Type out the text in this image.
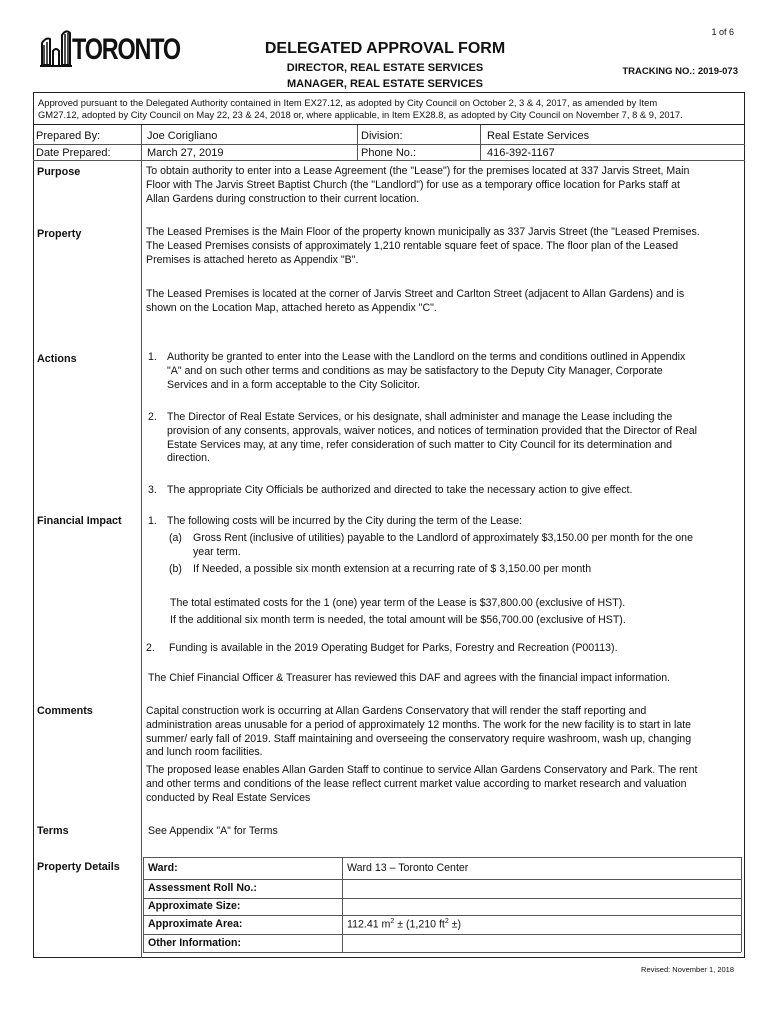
1 of 6
TORONTO	DELEGATED APPROVAL FORM
DIRECTOR, REAL ESTATE SERVICES
MANAGER, REAL ESTATE SERVICES
TRACKING NO.: 2019-073
Approved pursuant to the Delegated Authority contained in Item EX27.12, as adopted by City Council on October 2, 3 & 4, 2017, as amended by Item
GM27.12, adopted by City Council on May 22, 23 & 24, 2018 or, where applicable, in Item EX28.8, as adopted by City Council on November 7, 8 & 9, 2017.
Prepared By:	Joe Corigliano	Division:	Real Estate Services
Date Prepared:	March 27, 2019	Phone No.:	416-392-1167
Purpose	To obtain authority to enter into a Lease Agreement (the "Lease") for the premises located at 337 Jarvis Street, Main
Floor with The Jarvis Street Baptist Church (the "Landlord") for use as a temporary office location for Parks staff at
Allan Gardens during construction to their current location.
Property	The Leased Premises is the Main Floor of the property known municipally as 337 Jarvis Street (the "Leased Premises.
The Leased Premises consists of approximately 1,210 rentable square feet of space. The floor plan of the Leased
Premises is attached hereto as Appendix "B".
The Leased Premises is located at the corner of Jarvis Street and Carlton Street (adjacent to Allan Gardens) and is
shown on the Location Map, attached hereto as Appendix "C".
Actions	1. Authority be granted to enter into the Lease with the Landlord on the terms and conditions outlined in Appendix
"A" and on such other terms and conditions as may be satisfactory to the Deputy City Manager, Corporate
Services and in a form acceptable to the City Solicitor.
2. The Director of Real Estate Services, or his designate, shall administer and manage the Lease including the
provision of any consents, approvals, waiver notices, and notices of termination provided that the Director of Real
Estate Services may, at any time, refer consideration of such matter to City Council for its determination and
direction.
3. The appropriate City Officials be authorized and directed to take the necessary action to give effect.
Financial Impact 1. The following costs will be incurred by the City during the term of the Lease:
(a) Gross Rent (inclusive of utilities) payable to the Landlord of approximately $3,150.00 per month for the one
year term.
(b) If Needed, a possible six month extension at a recurring rate of $ 3,150.00 per month
The total estimated costs for the 1 (one) year term of the Lease is $37,800.00 (exclusive of HST).
If the additional six month term is needed, the total amount will be $56,700.00 (exclusive of HST).
2. Funding is available in the 2019 Operating Budget for Parks, Forestry and Recreation (P00113).
The Chief Financial Officer & Treasurer has reviewed this DAF and agrees with the financial impact information.
Comments	Capital construction work is occurring at Allan Gardens Conservatory that will render the staff reporting and
administration areas unusable for a period of approximately 12 months. The work for the new facility is to start in late
summer/ early fall of 2019. Staff maintaining and overseeing the conservatory require washroom, wash up, changing
and lunch room facilities.
The proposed lease enables Allan Garden Staff to continue to service Allan Gardens Conservatory and Park. The rent
and other terms and conditions of the lease reflect current market value according to market research and valuation
conducted by Real Estate Services
Terms	See Appendix "A" for Terms
Property Details	Ward:	Ward 13 – Toronto Center
Assessment Roll No.:
Approximate Size:
Approximate Area:	112.41 $m^2 \pm (1,210$ $ft^2$ ±)
Other Information:
Revised: November 1, 2018
